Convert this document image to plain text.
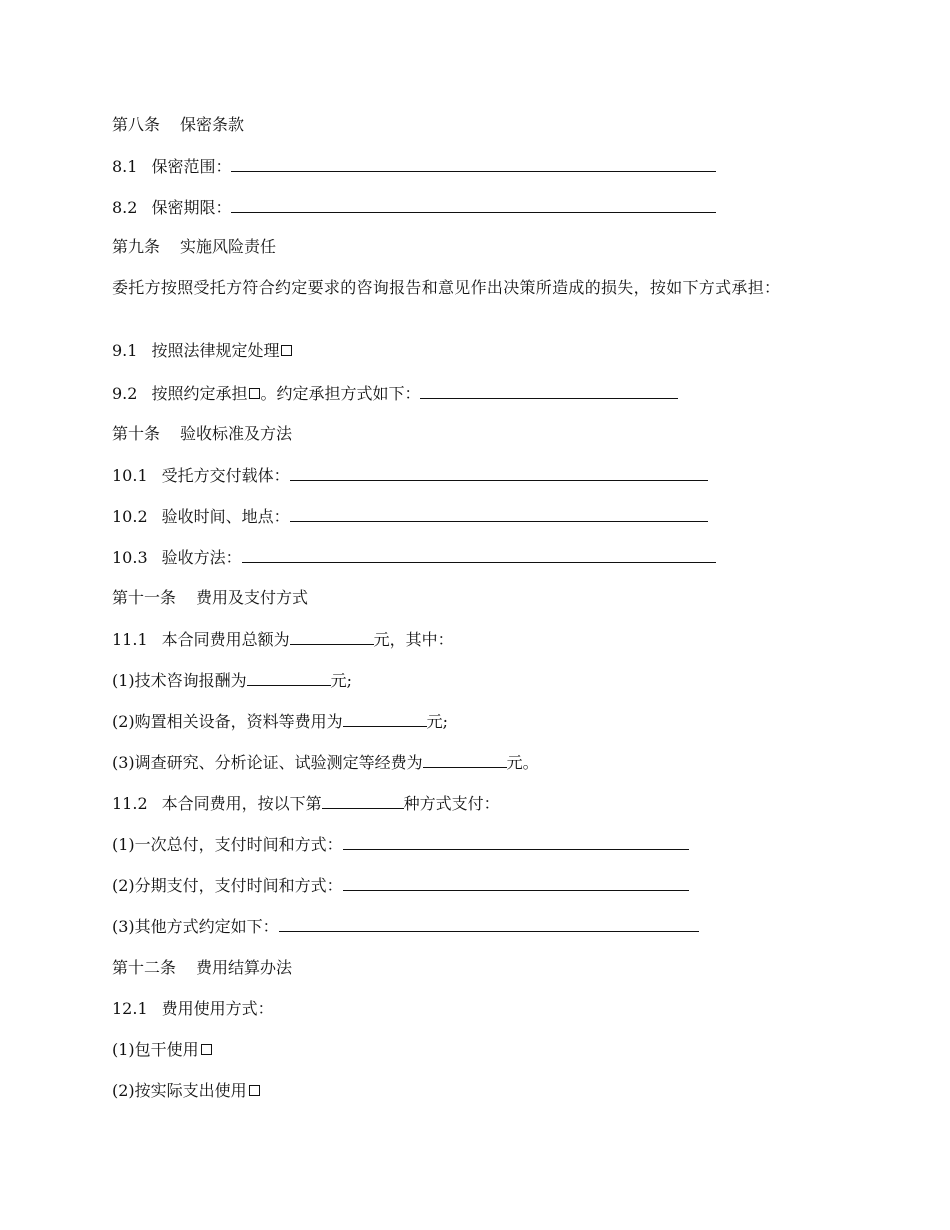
第八条 保密条款
8.1 保密范围：
8.2 保密期限：
第九条 实施风险责任
委托方按照受托方符合约定要求的咨询报告和意见作出决策所造成的损失，按如下方式承担：
9.1 按照法律规定处理
9.2 按照约定承担 。约定承担方式如下：
第十条 验收标准及方法
10.1 受托方交付载体：
10.2 验收时间、地点：
10.3 验收方法：
第十一条 费用及支付方式
11.1 本合同费用总额为	元，其中：
(1)技术咨询报酬为	元;
(2)购置相关设备，资料等费用为	元;
(3)调查研究、分析论证、试验测定等经费为	元。
11.2 本合同费用，按以下第	种方式支付：
(1)一次总付，支付时间和方式：
(2)分期支付，支付时间和方式：
(3)其他方式约定如下：
第十二条 费用结算办法
12.1 费用使用方式：
(1)包干使用
(2)按实际支出使用
